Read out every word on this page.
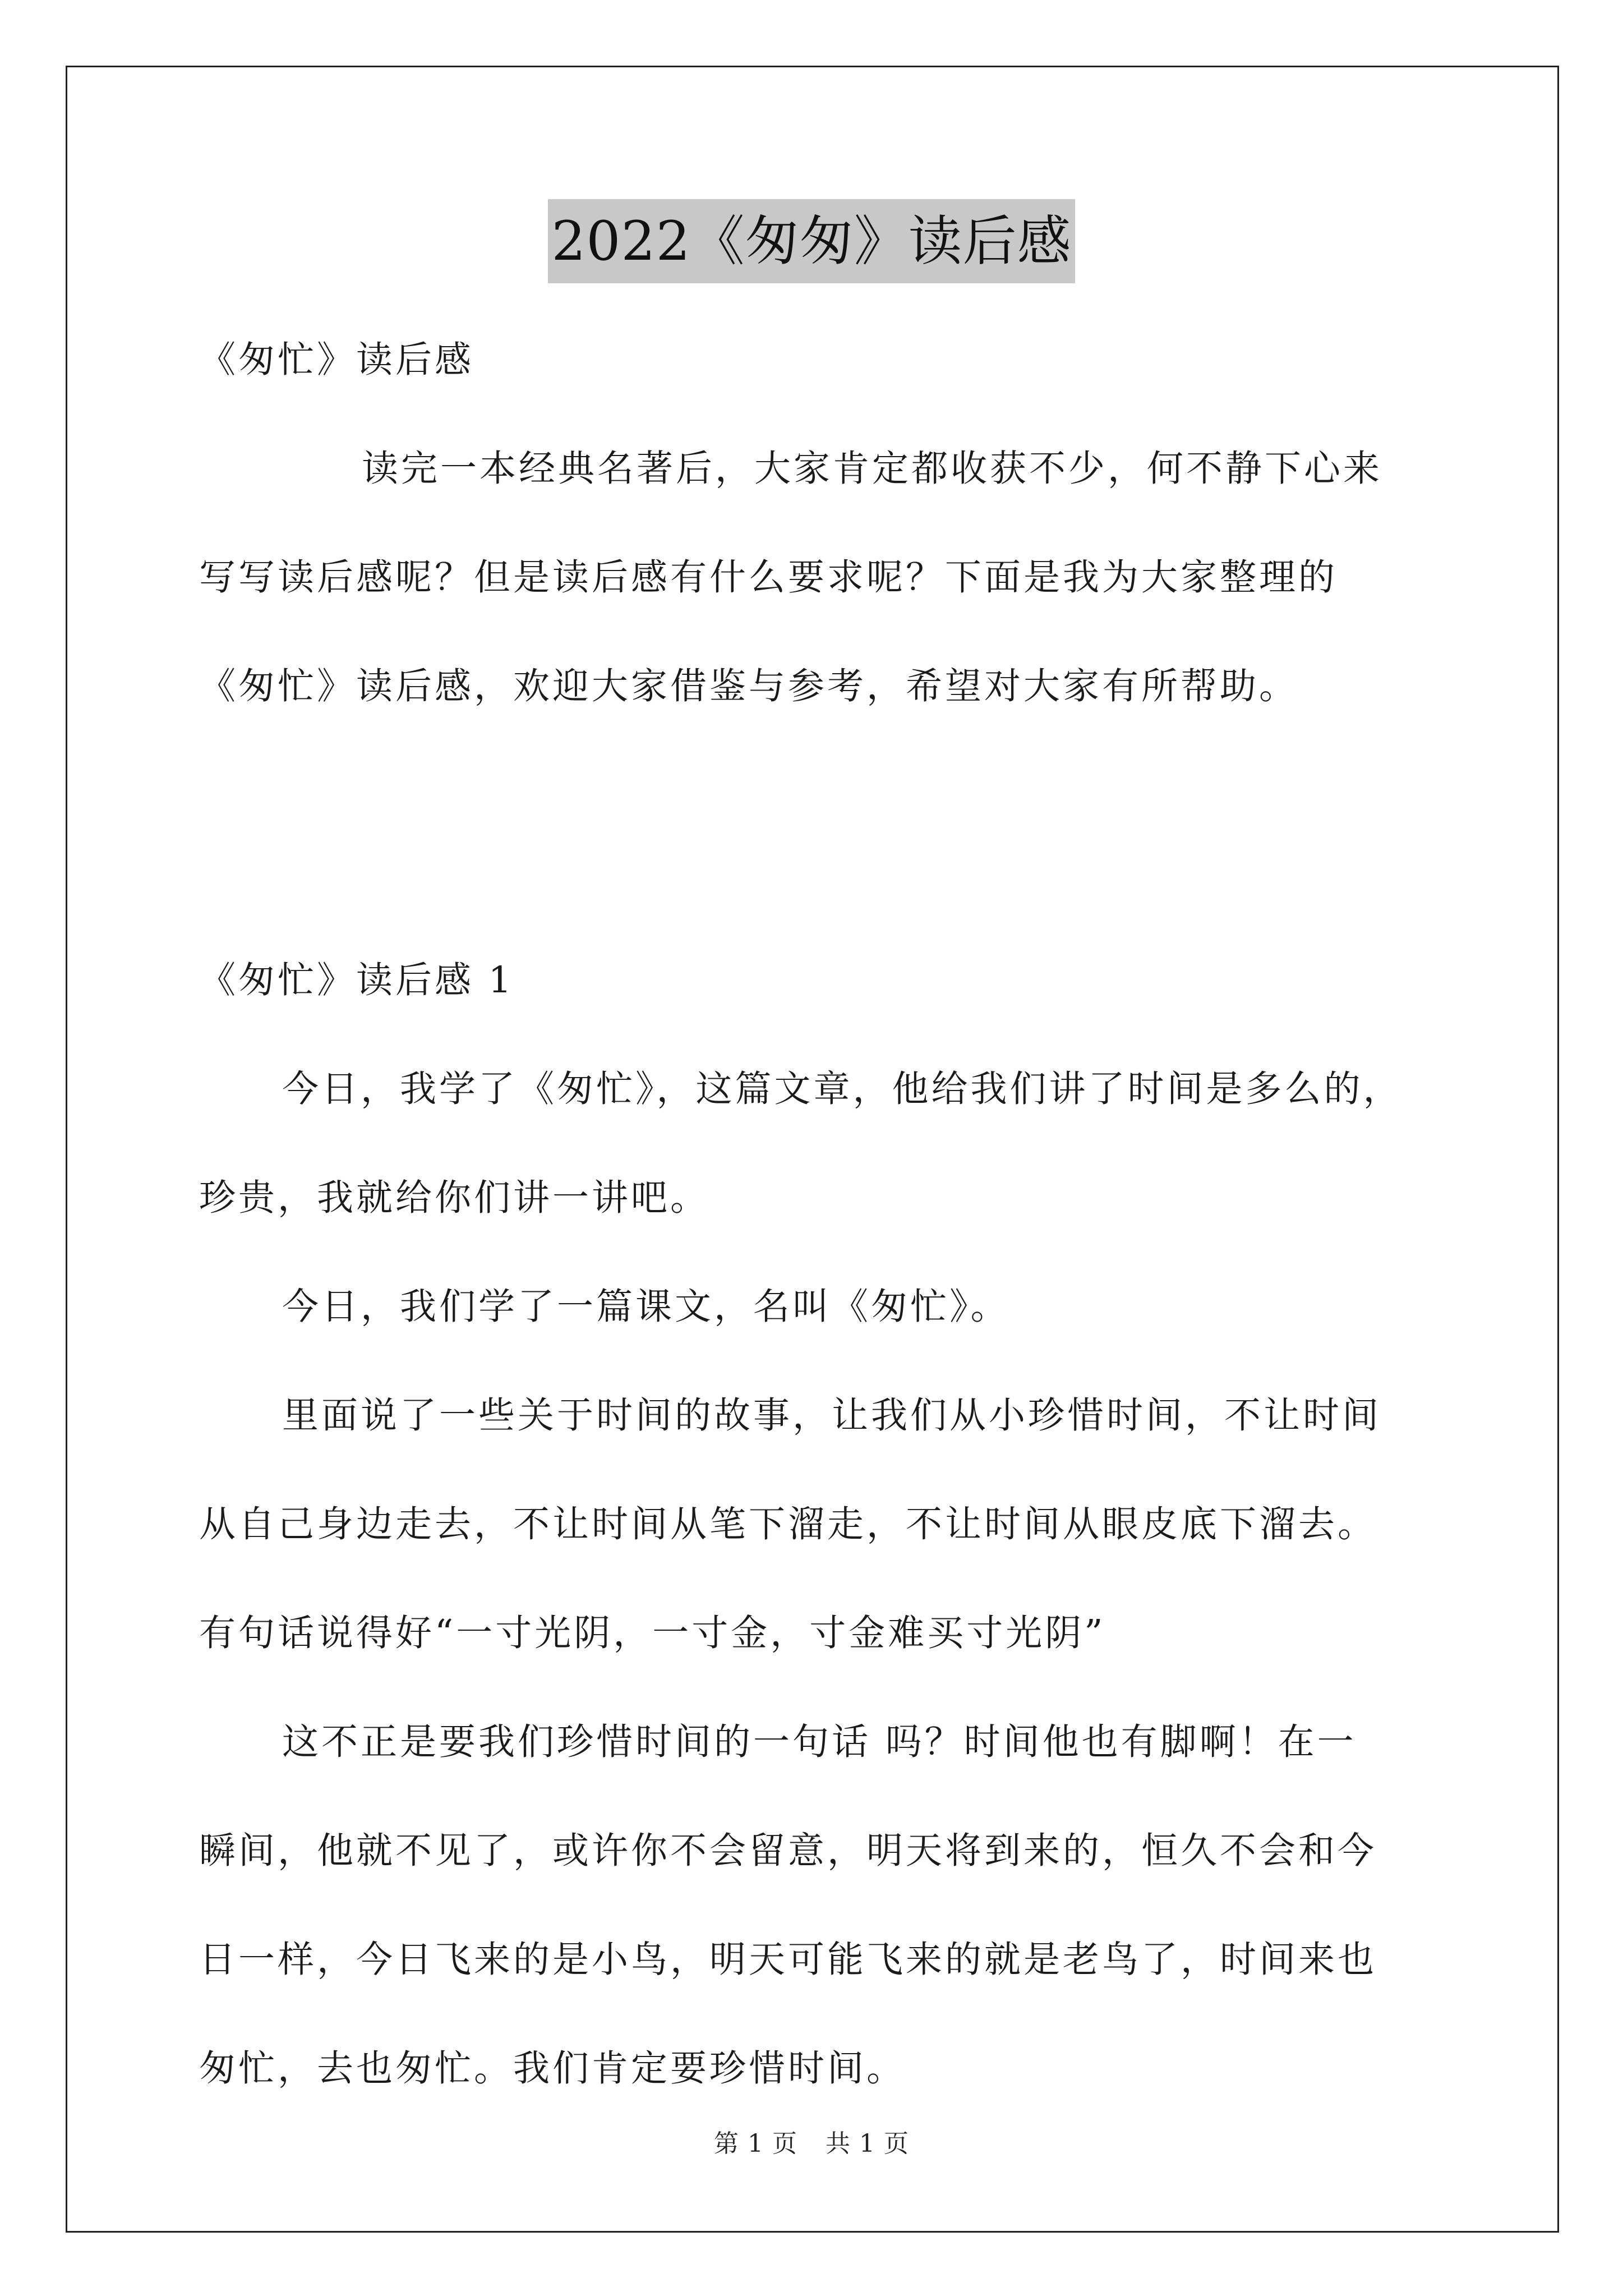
2022《匆匆》读后感

《匆忙》读后感

读完一本经典名著后，大家肯定都收获不少，何不静下心来

写写读后感呢？但是读后感有什么要求呢？下面是我为大家整理的

《匆忙》读后感，欢迎大家借鉴与参考，希望对大家有所帮助。

《匆忙》读后感 1

今日，我学了《匆忙》，这篇文章，他给我们讲了时间是多么的，

珍贵，我就给你们讲一讲吧。

今日，我们学了一篇课文，名叫《匆忙》。

里面说了一些关于时间的故事，让我们从小珍惜时间，不让时间

从自己身边走去，不让时间从笔下溜走，不让时间从眼皮底下溜去。

有句话说得好“一寸光阴，一寸金，寸金难买寸光阴”

这不正是要我们珍惜时间的一句话 吗？时间他也有脚啊！在一

瞬间，他就不见了，或许你不会留意，明天将到来的，恒久不会和今

日一样，今日飞来的是小鸟，明天可能飞来的就是老鸟了，时间来也

匆忙，去也匆忙。我们肯定要珍惜时间。

第 1 页 共 1 页
